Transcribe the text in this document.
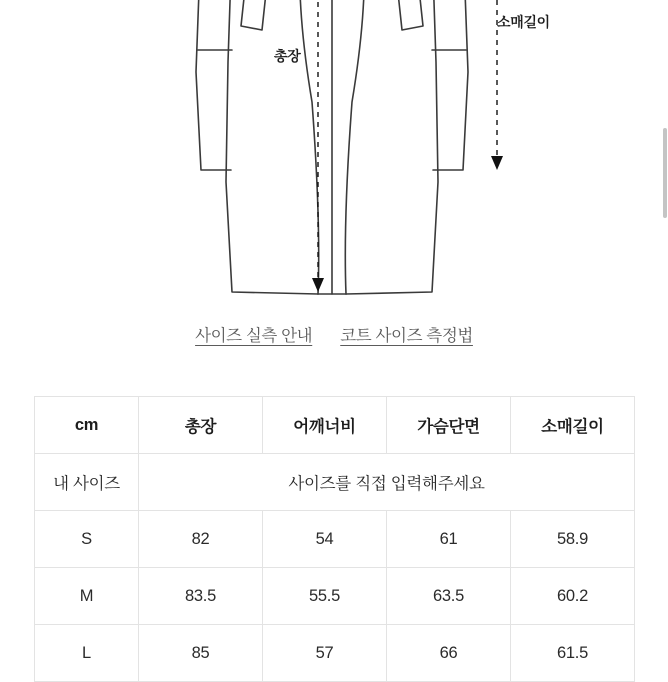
총장
소매길이
사이즈 실측 안내 코트 사이즈 측정법
cm	총장	어깨너비	가슴단면	소매길이
내 사이즈	사이즈를 직접 입력해주세요			
S	82	54	61	58.9
M	83.5	55.5	63.5	60.2
L	85	57	66	61.5
